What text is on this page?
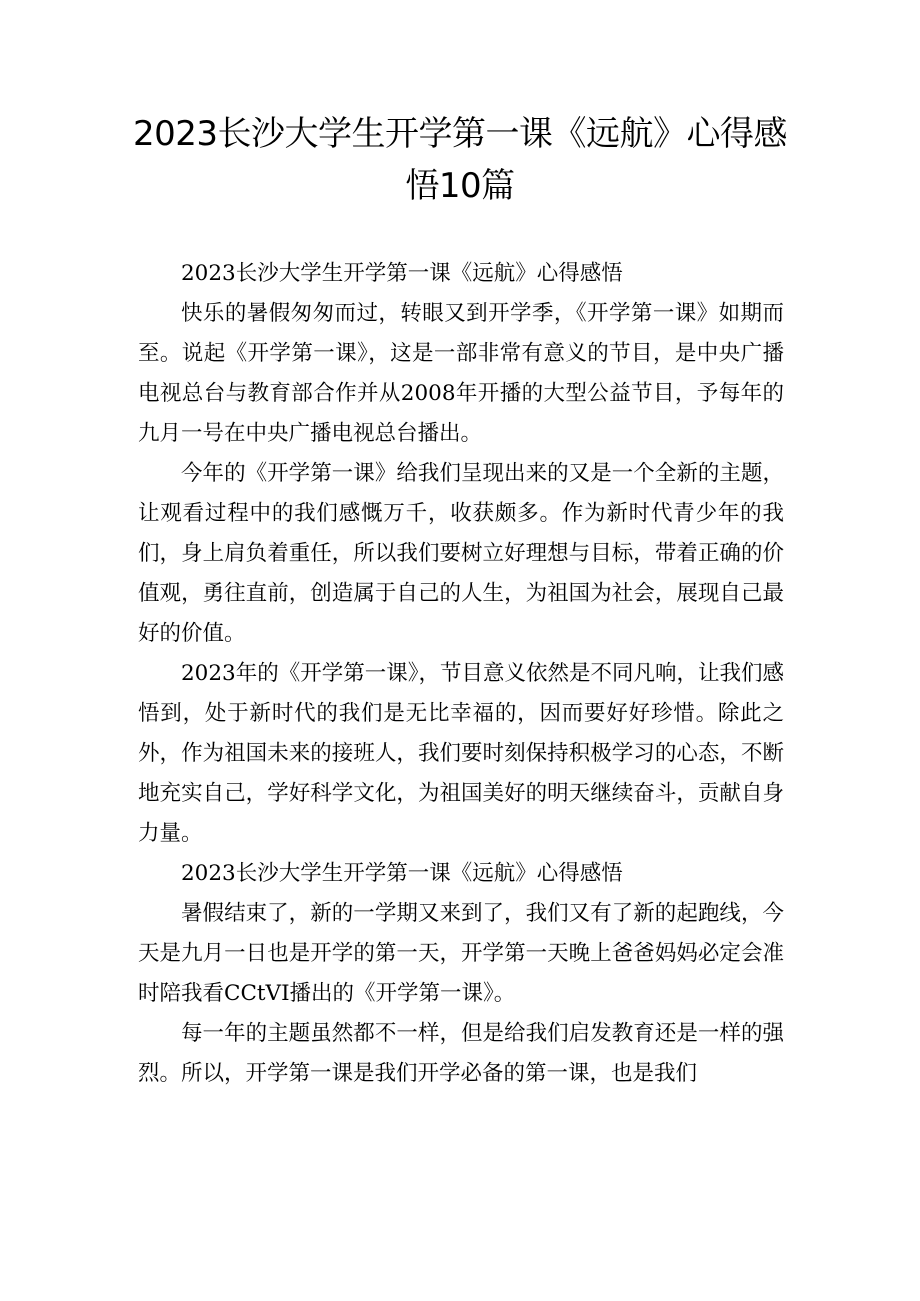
2023长沙大学生开学第一课《远航》心得感
悟10篇

2023长沙大学生开学第一课《远航》心得感悟

快乐的暑假匆匆而过，转眼又到开学季，《开学第一课》如期而至。说起《开学第一课》，这是一部非常有意义的节目，是中央广播电视总台与教育部合作并从2008年开播的大型公益节目，予每年的九月一号在中央广播电视总台播出。

今年的《开学第一课》给我们呈现出来的又是一个全新的主题，让观看过程中的我们感慨万千，收获颇多。作为新时代青少年的我们，身上肩负着重任，所以我们要树立好理想与目标，带着正确的价值观，勇往直前，创造属于自己的人生，为祖国为社会，展现自己最好的价值。

2023年的《开学第一课》，节目意义依然是不同凡响，让我们感悟到，处于新时代的我们是无比幸福的，因而要好好珍惜。除此之外，作为祖国未来的接班人，我们要时刻保持积极学习的心态，不断地充实自己，学好科学文化，为祖国美好的明天继续奋斗，贡献自身力量。

2023长沙大学生开学第一课《远航》心得感悟

暑假结束了，新的一学期又来到了，我们又有了新的起跑线，今天是九月一日也是开学的第一天，开学第一天晚上爸爸妈妈必定会准时陪我看CCtVI播出的《开学第一课》。

每一年的主题虽然都不一样，但是给我们启发教育还是一样的强烈。所以，开学第一课是我们开学必备的第一课，也是我们
